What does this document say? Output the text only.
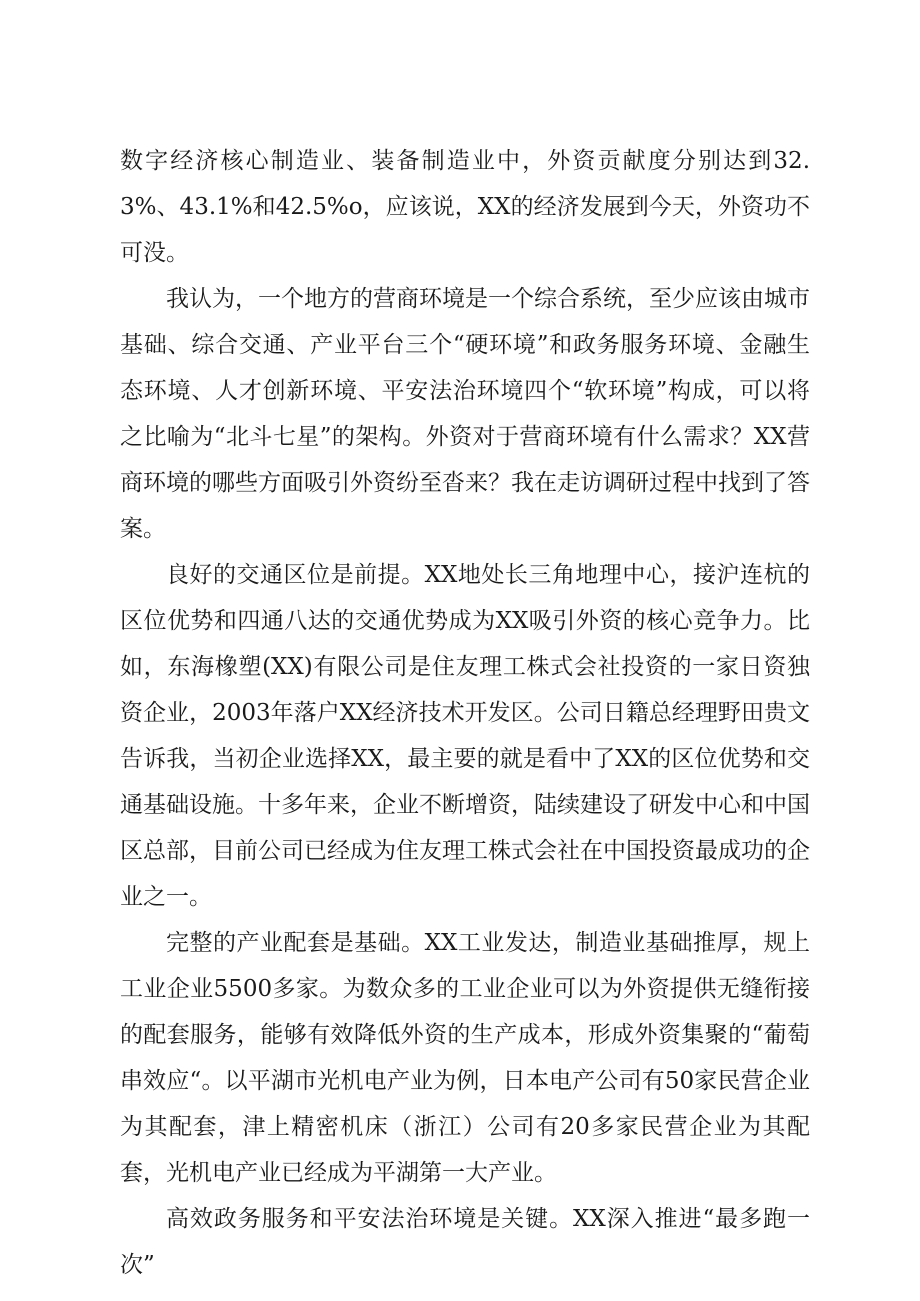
数字经济核心制造业、装备制造业中，外资贡献度分别达到32.3%、43.1%和42.5%o，应该说，XX的经济发展到今天，外资功不可没。

我认为，一个地方的营商环境是一个综合系统，至少应该由城市基础、综合交通、产业平台三个“硬环境”和政务服务环境、金融生态环境、人才创新环境、平安法治环境四个“软环境”构成，可以将之比喻为“北斗七星”的架构。外资对于营商环境有什么需求？XX营商环境的哪些方面吸引外资纷至沓来？我在走访调研过程中找到了答案。

良好的交通区位是前提。XX地处长三角地理中心，接沪连杭的区位优势和四通八达的交通优势成为XX吸引外资的核心竞争力。比如，东海橡塑(XX)有限公司是住友理工株式会社投资的一家日资独资企业，2003年落户XX经济技术开发区。公司日籍总经理野田贵文告诉我，当初企业选择XX，最主要的就是看中了XX的区位优势和交通基础设施。十多年来，企业不断增资，陆续建设了研发中心和中国区总部，目前公司已经成为住友理工株式会社在中国投资最成功的企业之一。

完整的产业配套是基础。XX工业发达，制造业基础推厚，规上工业企业5500多家。为数众多的工业企业可以为外资提供无缝衔接的配套服务，能够有效降低外资的生产成本，形成外资集聚的“葡萄串效应“。以平湖市光机电产业为例，日本电产公司有50家民营企业为其配套，津上精密机床（浙江）公司有20多家民营企业为其配套，光机电产业已经成为平湖第一大产业。

高效政务服务和平安法治环境是关键。XX深入推进“最多跑一次”
